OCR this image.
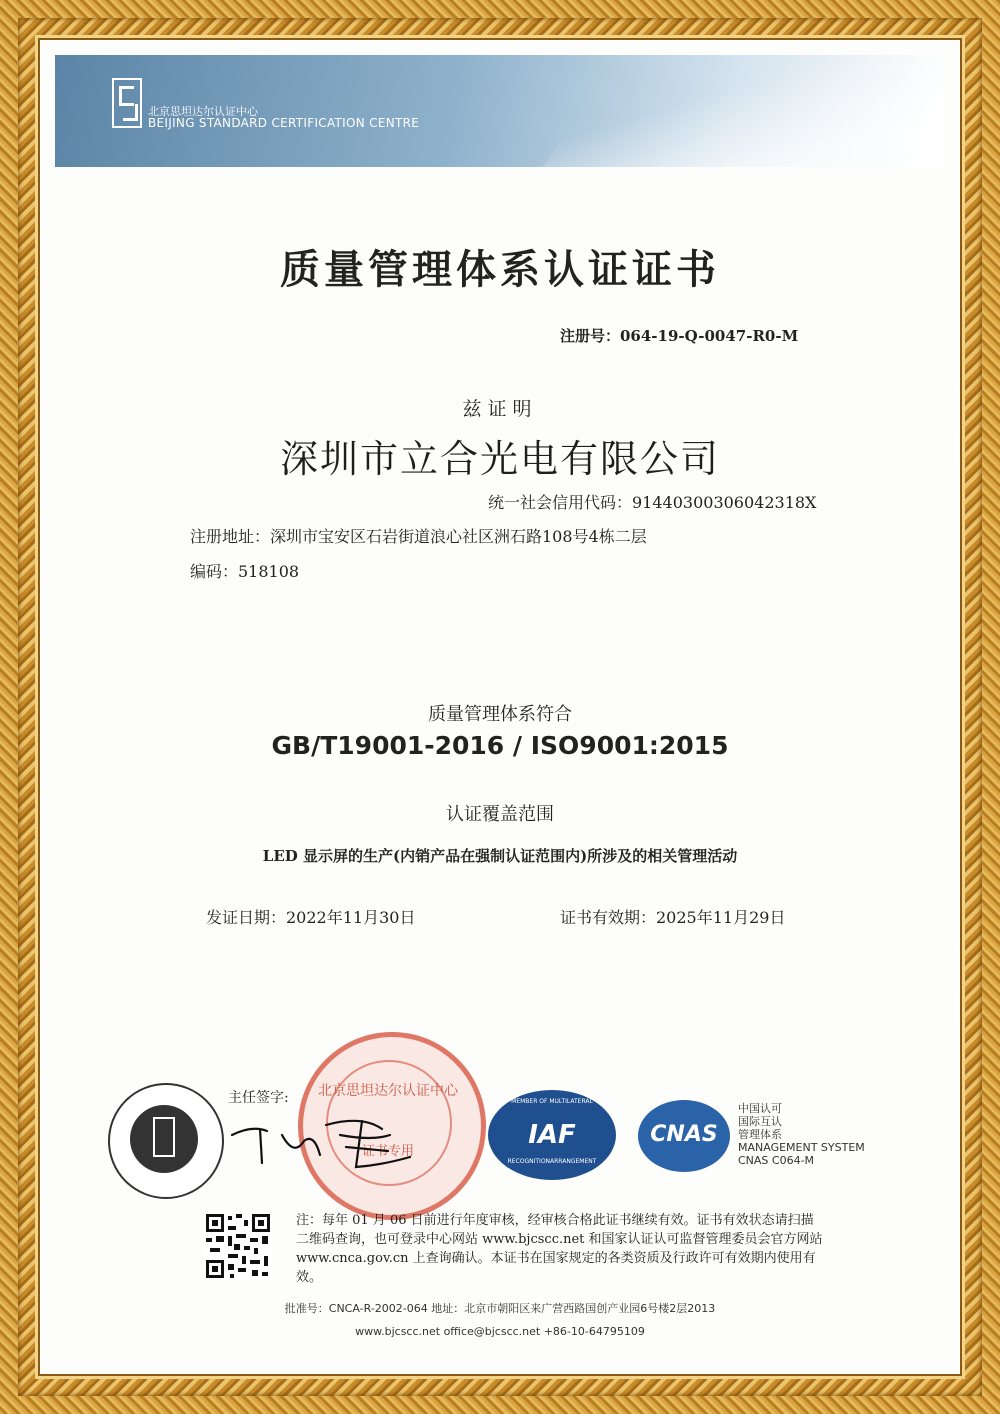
北京思坦达尔认证中心
BEIJING STANDARD CERTIFICATION CENTRE
质量管理体系认证证书
注册号：064-19-Q-0047-R0-M
兹证明
深圳市立合光电有限公司
统一社会信用代码：91440300306042318X
注册地址：深圳市宝安区石岩街道浪心社区洲石路108号4栋二层
编码：518108
质量管理体系符合
GB/T19001-2016 / ISO9001:2015
认证覆盖范围
LED 显示屏的生产(内销产品在强制认证范围内)所涉及的相关管理活动
发证日期：2022年11月30日	证书有效期：2025年11月29日
主任签字: 北京思坦达尔认证中心
证书专用
MEMBER OF MULTILATERAL
IAF
RECOGNITIONARRANGEMENT
CNAS
中国认可
国际互认
管理体系
MANAGEMENT SYSTEM
CNAS C064-M
注：每年 01 月 06 日前进行年度审核，经审核合格此证书继续有效。证书有效状态请扫描二维码查询，也可登录中心网站 www.bjcscc.net 和国家认证认可监督管理委员会官方网站 www.cnca.gov.cn 上查询确认。本证书在国家规定的各类资质及行政许可有效期内使用有效。
批准号：CNCA-R-2002-064 地址：北京市朝阳区来广营西路国创产业园6号楼2层2013
www.bjcscc.net office@bjcscc.net +86-10-64795109
